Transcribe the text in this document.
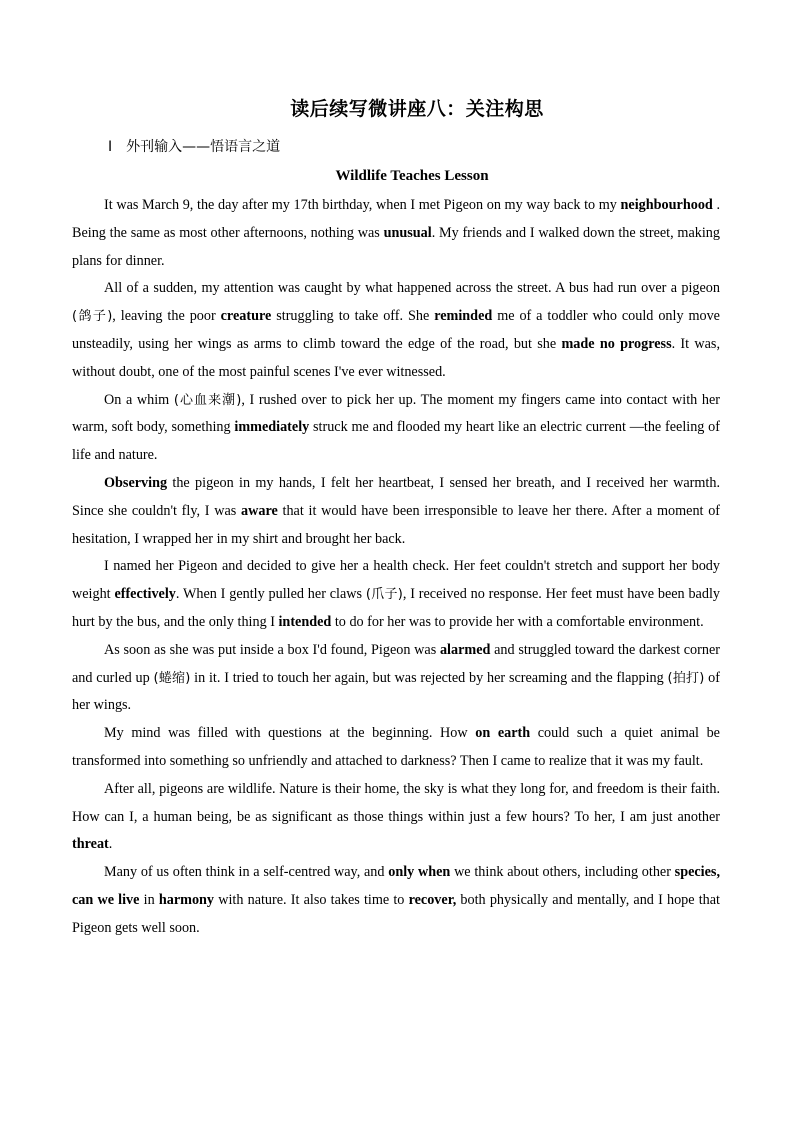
读后续写微讲座八：关注构思
Ⅰ 外刊输入——悟语言之道
Wildlife Teaches Lesson

It was March 9, the day after my 17th birthday, when I met Pigeon on my way back to my neighbourhood . Being the same as most other afternoons, nothing was unusual. My friends and I walked down the street, making plans for dinner.

All of a sudden, my attention was caught by what happened across the street. A bus had run over a pigeon (鸽子), leaving the poor creature struggling to take off. She reminded me of a toddler who could only move unsteadily, using her wings as arms to climb toward the edge of the road, but she made no progress. It was, without doubt, one of the most painful scenes I've ever witnessed.

On a whim (心血来潮), I rushed over to pick her up. The moment my fingers came into contact with her warm, soft body, something immediately struck me and flooded my heart like an electric current —the feeling of life and nature.

Observing the pigeon in my hands, I felt her heartbeat, I sensed her breath, and I received her warmth. Since she couldn't fly, I was aware that it would have been irresponsible to leave her there. After a moment of hesitation, I wrapped her in my shirt and brought her back.

I named her Pigeon and decided to give her a health check. Her feet couldn't stretch and support her body weight effectively. When I gently pulled her claws (爪子), I received no response. Her feet must have been badly hurt by the bus, and the only thing I intended to do for her was to provide her with a comfortable environment.

As soon as she was put inside a box I'd found, Pigeon was alarmed and struggled toward the darkest corner and curled up (蜷缩) in it. I tried to touch her again, but was rejected by her screaming and the flapping (拍打) of her wings.

My mind was filled with questions at the beginning. How on earth could such a quiet animal be transformed into something so unfriendly and attached to darkness? Then I came to realize that it was my fault.

After all, pigeons are wildlife. Nature is their home, the sky is what they long for, and freedom is their faith. How can I, a human being, be as significant as those things within just a few hours? To her, I am just another threat.

Many of us often think in a self-centred way, and only when we think about others, including other species, can we live in harmony with nature. It also takes time to recover, both physically and mentally, and I hope that Pigeon gets well soon.
